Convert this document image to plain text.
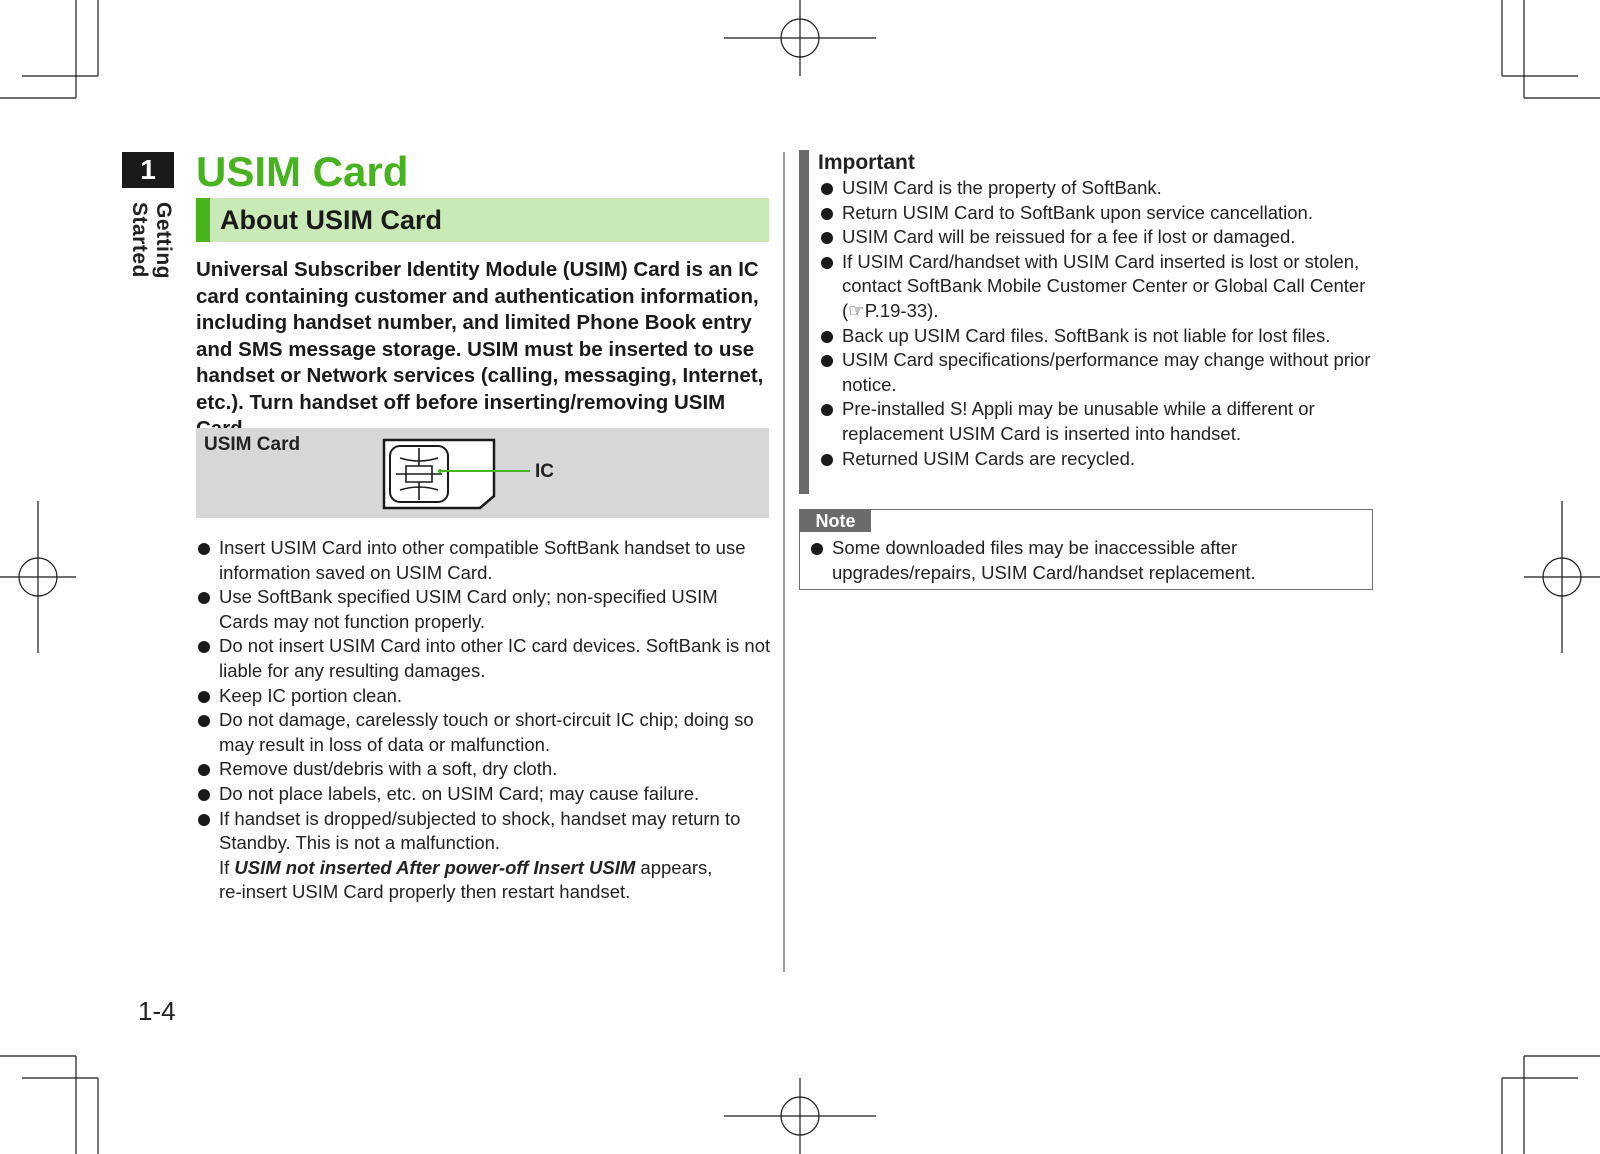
1
Getting Started
1-4
USIM Card
About USIM Card
Universal Subscriber Identity Module (USIM) Card is an IC card containing customer and authentication information, including handset number, and limited Phone Book entry and SMS message storage. USIM must be inserted to use handset or Network services (calling, messaging, Internet, etc.). Turn handset off before inserting/removing USIM
USIM Card
IC
Insert USIM Card into other compatible SoftBank handset to use information saved on USIM Card.
Use SoftBank specified USIM Card only; non-specified USIM Cards may not function properly.
Do not insert USIM Card into other IC card devices. SoftBank is not liable for any resulting damages.
Keep IC portion clean.
Do not damage, carelessly touch or short-circuit IC chip; doing so may result in loss of data or malfunction.
Remove dust/debris with a soft, dry cloth.
Do not place labels, etc. on USIM Card; may cause failure.
If handset is dropped/subjected to shock, handset may return to Standby. This is not a malfunction.
If USIM not inserted After power-off Insert USIM appears,
re-insert USIM Card properly then restart handset.
Important
USIM Card is the property of SoftBank.
Return USIM Card to SoftBank upon service cancellation.
USIM Card will be reissued for a fee if lost or damaged.
If USIM Card/handset with USIM Card inserted is lost or stolen, contact SoftBank Mobile Customer Center or Global Call Center (☞P.19-33).
Back up USIM Card files. SoftBank is not liable for lost files.
USIM Card specifications/performance may change without prior notice.
Pre-installed S! Appli may be unusable while a different or replacement USIM Card is inserted into handset.
Returned USIM Cards are recycled.
Note
Some downloaded files may be inaccessible after upgrades/repairs, USIM Card/handset replacement.
